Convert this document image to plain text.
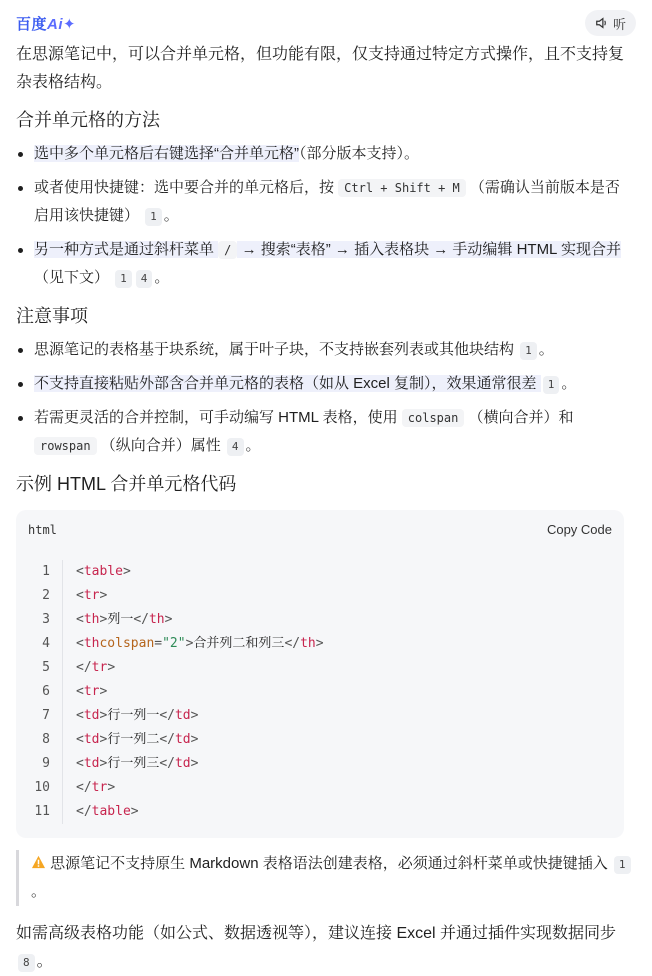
百度Ai✦	听

在思源笔记中，可以合并单元格，但功能有限，仅支持通过特定方式操作，且不支持复杂表格结构。

合并单元格的方法
选中多个单元格后右键选择“合并单元格”（部分版本支持）。
或者使用快捷键：选中要合并的单元格后，按 Ctrl + Shift + M （需确认当前版本是否启用该快捷键） 1 。
另一种方式是通过斜杆菜单 / → 搜索“表格” → 插入表格块 → 手动编辑 HTML 实现合并（见下文） 1 4 。
注意事项
思源笔记的表格基于块系统，属于叶子块，不支持嵌套列表或其他块结构 1 。
不支持直接粘贴外部含合并单元格的表格（如从 Excel 复制），效果通常很差 1 。
若需更灵活的合并控制，可手动编写 HTML 表格，使用 colspan （横向合并）和 rowspan （纵向合并）属性 4 。
示例 HTML 合并单元格代码
html	Copy Code
1	< table >
2	< tr >
3	< th > 列一 </ th >
4	< th colspan = "2" > 合并列二和列三 </ th >
5	</ tr >
6	< tr >
7	< td > 行一列一 </ td >
8	< td > 行一列二 </ td >
9	< td > 行一列三 </ td >
10	</ tr >
11	</ table >
思源笔记不支持原生 Markdown 表格语法创建表格，必须通过斜杆菜单或快捷键插入 1。

如需高级表格功能（如公式、数据透视等），建议连接 Excel 并通过插件实现数据同步 8 。
